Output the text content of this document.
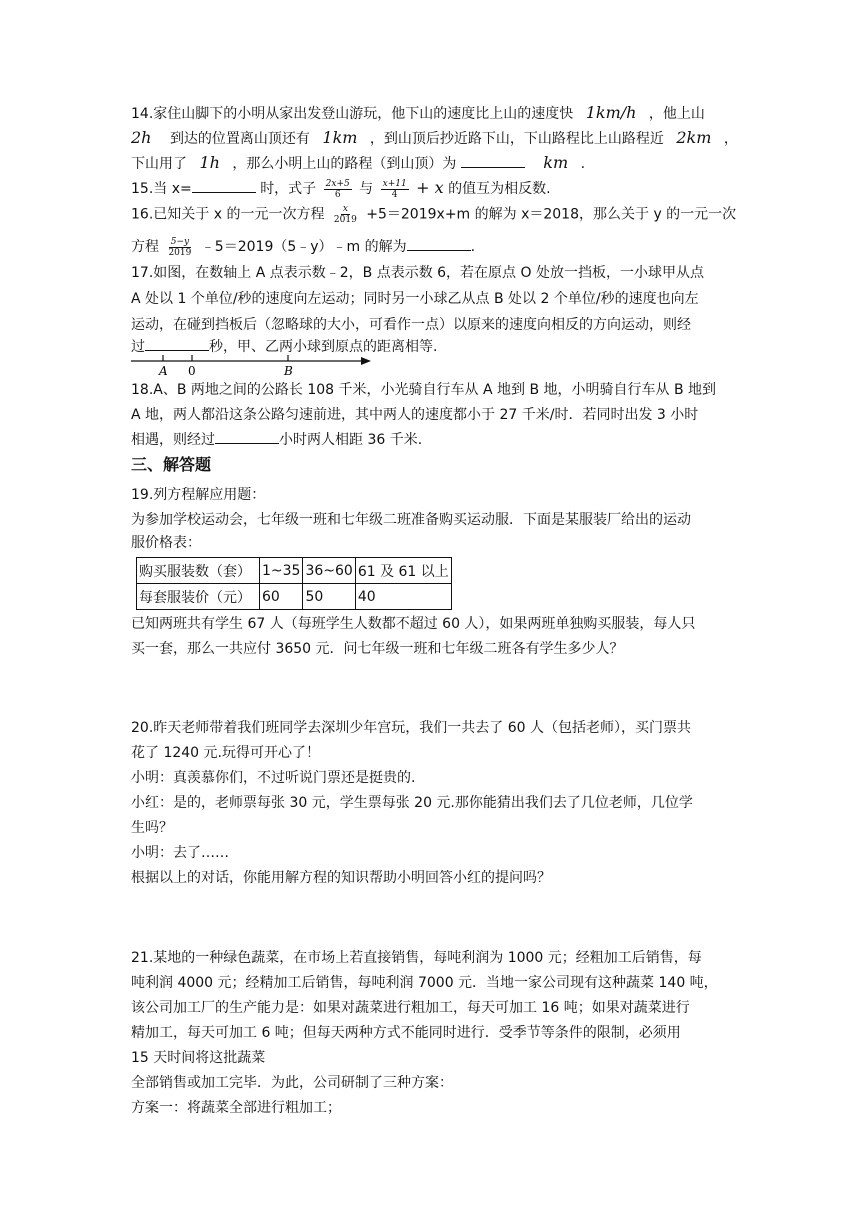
14.家住山脚下的小明从家出发登山游玩，他下山的速度比上山的速度快 1km/h ，他上山
2h 到达的位置离山顶还有 1km ，到山顶后抄近路下山，下山路程比上山路程近 2km ，
下山用了 1h ，那么小明上山的路程（到山顶）为	km .
15.当 x=	时，式子 $\frac{2x+5}{6}$ 与 $\frac{x+11}{4} + x$ 的值互为相反数.
16.已知关于 x 的一元一次方程 $\frac{x}{2019} +5=2019x+m$ 的解为 x＝2018，那么关于 y 的一元一次
方程 $\frac{5-y}{2019}$ ﹣5＝2019（5﹣y）﹣m 的解为	.
17.如图，在数轴上 A 点表示数﹣2，B 点表示数 6，若在原点 O 处放一挡板，一小球甲从点
A 处以 1 个单位/秒的速度向左运动；同时另一小球乙从点 B 处以 2 个单位/秒的速度也向左
运动，在碰到挡板后（忽略球的大小，可看作一点）以原来的速度向相反的方向运动，则经
过	秒，甲、乙两小球到原点的距离相等.
A 0	B
18.A、B 两地之间的公路长 108 千米，小光骑自行车从 A 地到 B 地，小明骑自行车从 B 地到
A 地，两人都沿这条公路匀速前进，其中两人的速度都小于 27 千米/时．若同时出发 3 小时
相遇，则经过	小时两人相距 36 千米.
三、解答题
19.列方程解应用题：
为参加学校运动会，七年级一班和七年级二班准备购买运动服．下面是某服装厂给出的运动
服价格表：
购买服装数（套）	1~35	36~60	61 及 61 以上
每套服装价（元）	60	50	40
已知两班共有学生 67 人（每班学生人数都不超过 60 人），如果两班单独购买服装，每人只
买一套，那么一共应付 3650 元．问七年级一班和七年级二班各有学生多少人？
20.昨天老师带着我们班同学去深圳少年宫玩，我们一共去了 60 人（包括老师），买门票共
花了 1240 元.玩得可开心了！
小明：真羡慕你们，不过听说门票还是挺贵的.
小红：是的，老师票每张 30 元，学生票每张 20 元.那你能猜出我们去了几位老师，几位学
生吗？
小明：去了……
根据以上的对话，你能用解方程的知识帮助小明回答小红的提问吗？
21.某地的一种绿色蔬菜，在市场上若直接销售，每吨利润为 1000 元；经粗加工后销售，每
吨利润 4000 元；经精加工后销售，每吨利润 7000 元．当地一家公司现有这种蔬菜 140 吨，
该公司加工厂的生产能力是：如果对蔬菜进行粗加工，每天可加工 16 吨；如果对蔬菜进行
精加工，每天可加工 6 吨；但每天两种方式不能同时进行．受季节等条件的限制，必须用
15 天时间将这批蔬菜
全部销售或加工完毕．为此，公司研制了三种方案：
方案一：将蔬菜全部进行粗加工；
